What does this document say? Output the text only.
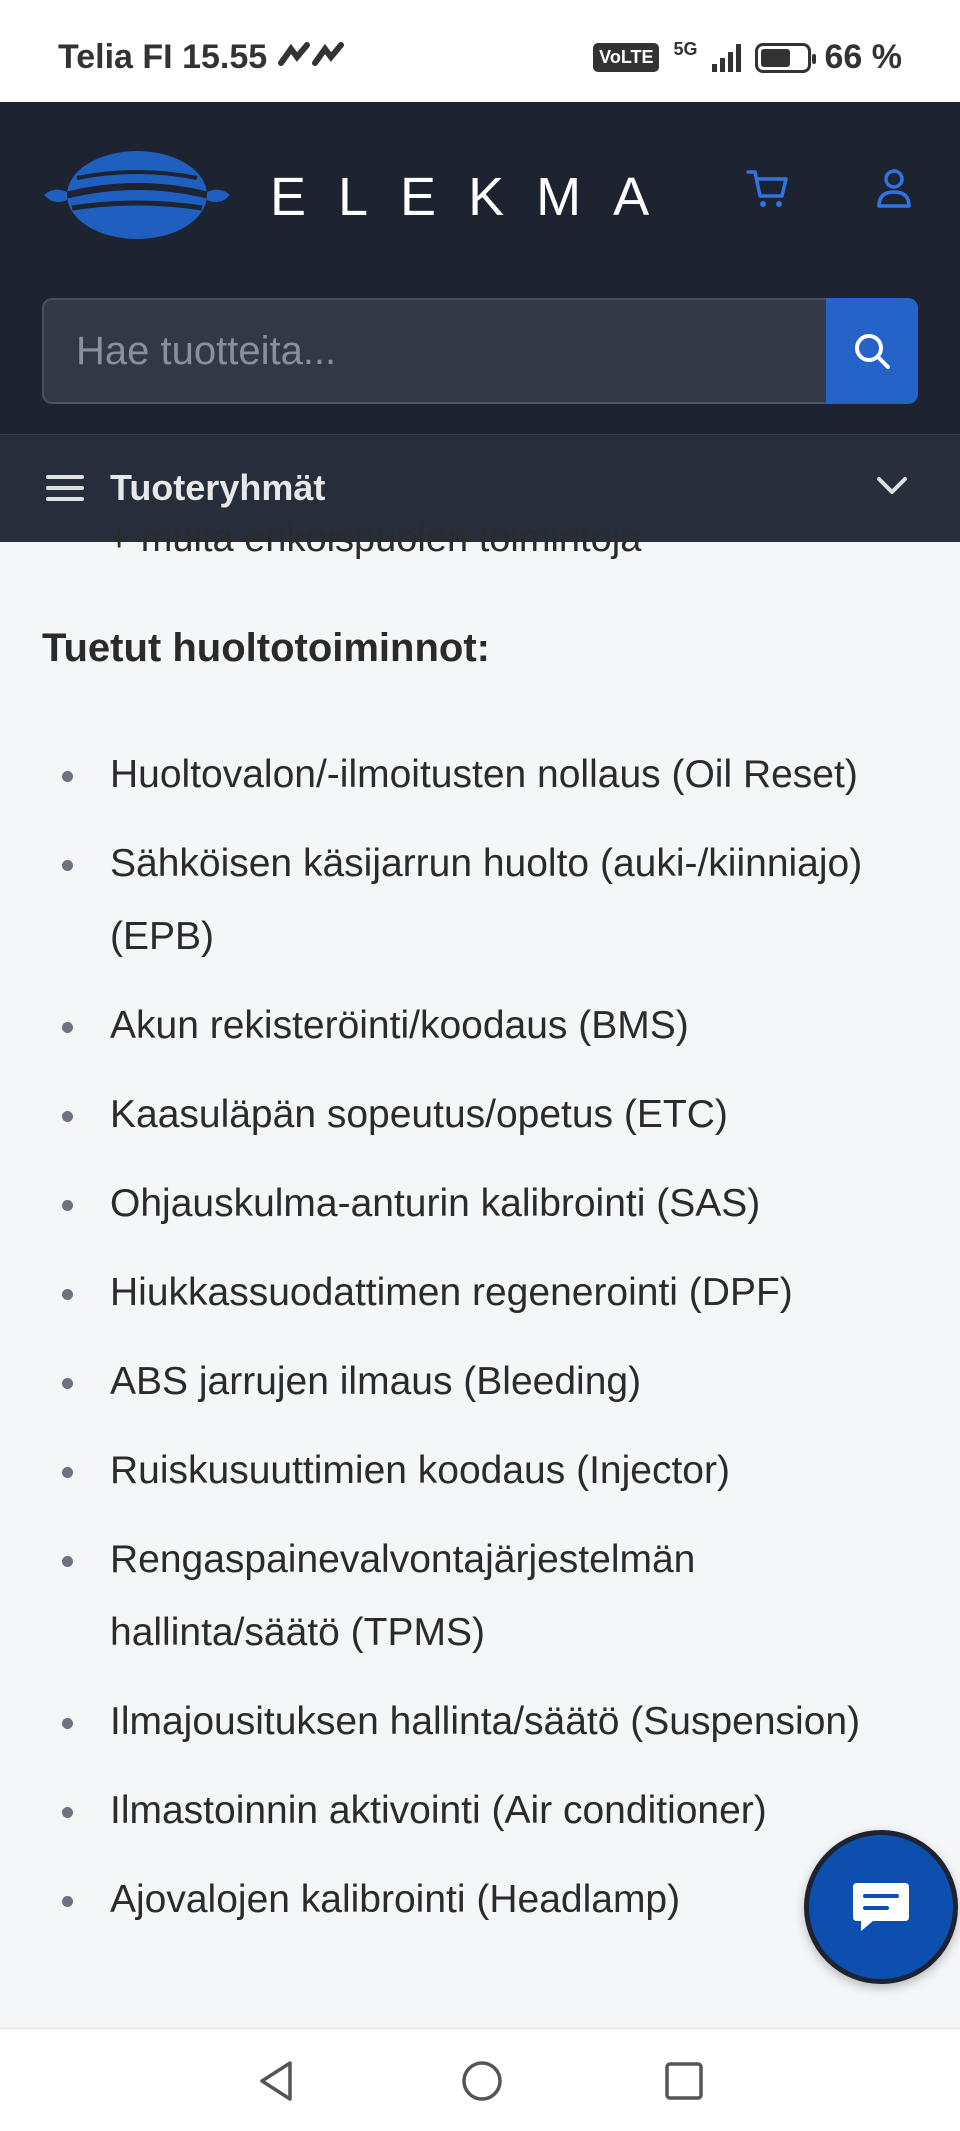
Telia FI 15.55	VoLTE	5G	66 %
ELEKMA
Hae tuotteita...
Tuoteryhmät
+ muita erikoispuolen toimintoja
Tuetut huoltotoiminnot:
Huoltovalon/-ilmoitusten nollaus (Oil Reset)
Sähköisen käsijarrun huolto (auki-/kiinniajo) (EPB)
Akun rekisteröinti/koodaus (BMS)
Kaasuläpän sopeutus/opetus (ETC)
Ohjauskulma-anturin kalibrointi (SAS)
Hiukkassuodattimen regenerointi (DPF)
ABS jarrujen ilmaus (Bleeding)
Ruiskusuuttimien koodaus (Injector)
Rengaspainevalvontajärjestelmän hallinta/säätö (TPMS)
Ilmajousituksen hallinta/säätö (Suspension)
Ilmastoinnin aktivointi (Air conditioner)
Ajovalojen kalibrointi (Headlamp)
